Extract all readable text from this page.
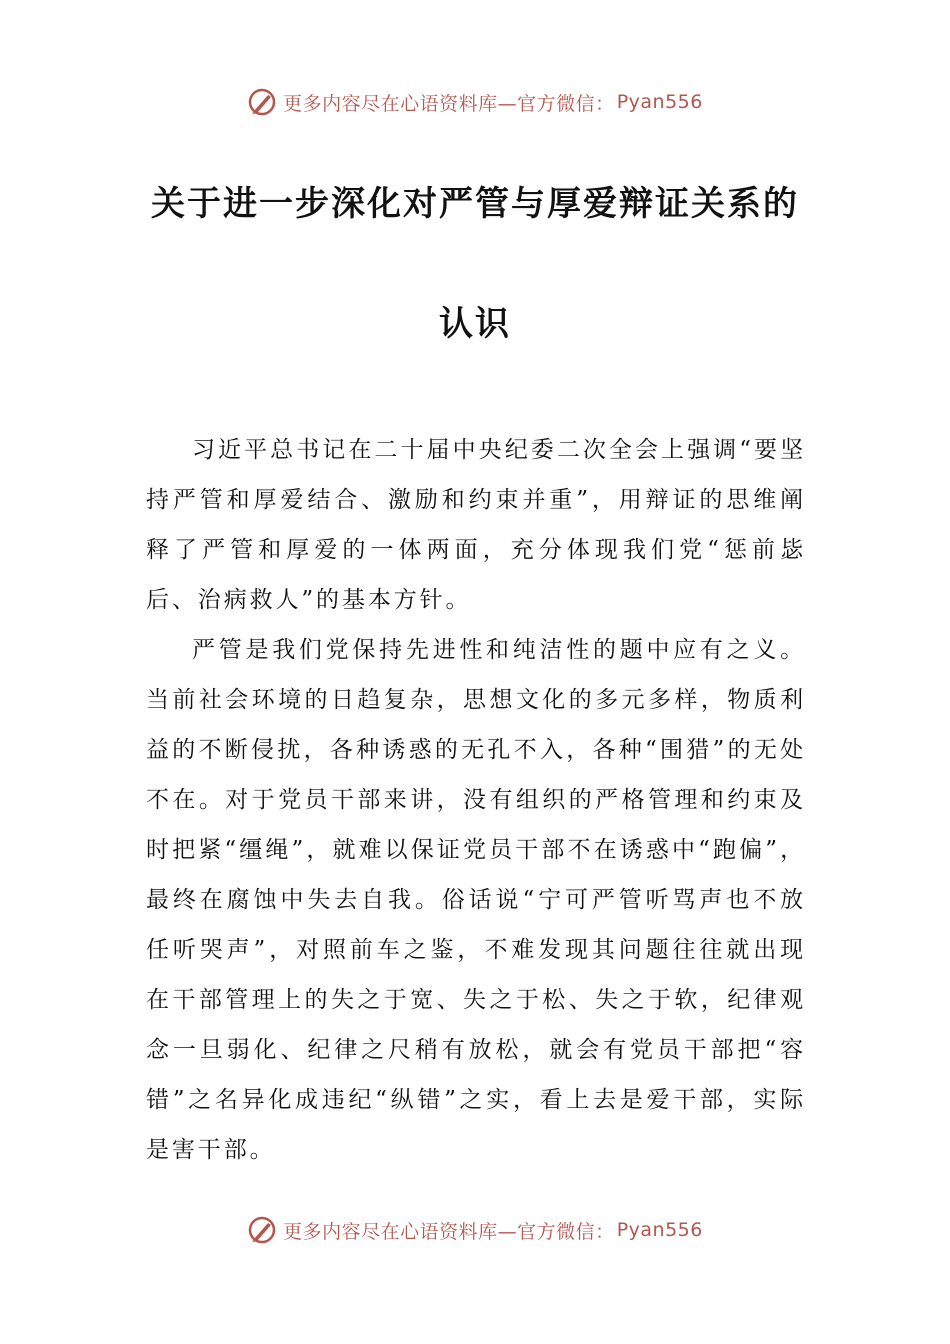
更多内容尽在心语资料库 —官方微信： Pyan556
关于进一步深化对严管与厚爱辩证关系的
认识

习近平总书记在二十届中央纪委二次全会上强调“要坚持严管和厚爱结合、激励和约束并重”，用辩证的思维阐释了严管和厚爱的一体两面，充分体现我们党“惩前毖后、治病救人”的基本方针。

严管是我们党保持先进性和纯洁性的题中应有之义。当前社会环境的日趋复杂，思想文化的多元多样，物质利益的不断侵扰，各种诱惑的无孔不入，各种“围猎”的无处不在。对于党员干部来讲，没有组织的严格管理和约束及时把紧“缰绳”，就难以保证党员干部不在诱惑中“跑偏”，最终在腐蚀中失去自我。俗话说“宁可严管听骂声也不放任听哭声”，对照前车之鉴，不难发现其问题往往就出现在干部管理上的失之于宽、失之于松、失之于软，纪律观念一旦弱化、纪律之尺稍有放松，就会有党员干部把“容错”之名异化成违纪“纵错”之实，看上去是爱干部，实际是害干部。

更多内容尽在心语资料库 —官方微信： Pyan556
